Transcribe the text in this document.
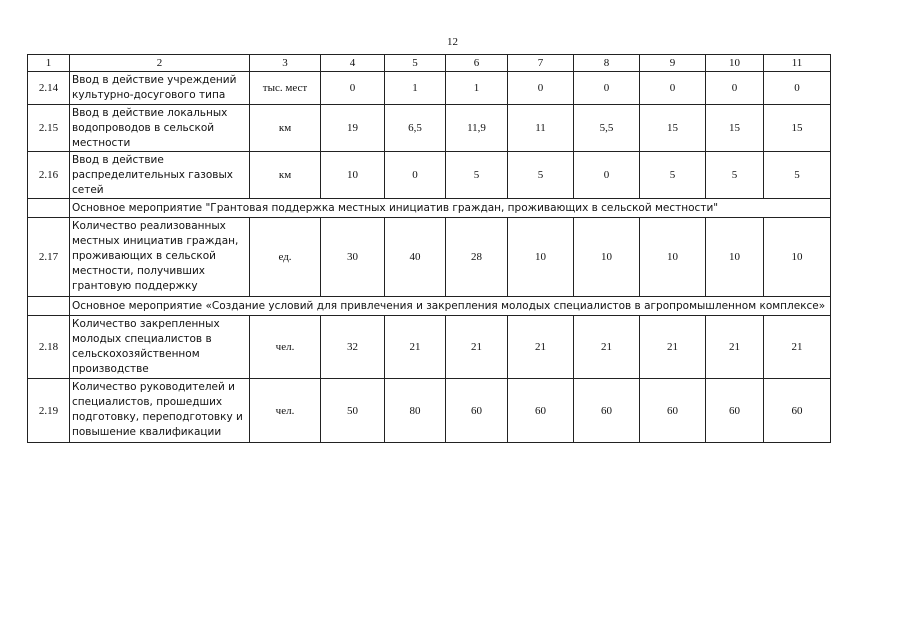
12
1	2	3	4	5	6	7	8	9	10	11
2.14	Ввод в действие учреждений культурно-досугового типа	тыс. мест	0	1	1	0	0	0	0	0
2.15	Ввод в действие локальных водопроводов в сельской местности	км	19	6,5	11,9	11	5,5	15	15	15
2.16	Ввод в действие распределительных газовых сетей	км	10	0	5	5	0	5	5	5
	Основное мероприятие "Грантовая поддержка местных инициатив граждан, проживающих в сельской местности"									
2.17	Количество реализованных местных инициатив граждан, проживающих в сельской местности, получивших грантовую поддержку	ед.	30	40	28	10	10	10	10	10
	Основное мероприятие «Создание условий для привлечения и закрепления молодых специалистов в агропромышленном комплексе»									
2.18	Количество закрепленных молодых специалистов в сельскохозяйственном производстве	чел.	32	21	21	21	21	21	21	21
2.19	Количество руководителей и специалистов, прошедших подготовку, переподготовку и повышение квалификации	чел.	50	80	60	60	60	60	60	60
